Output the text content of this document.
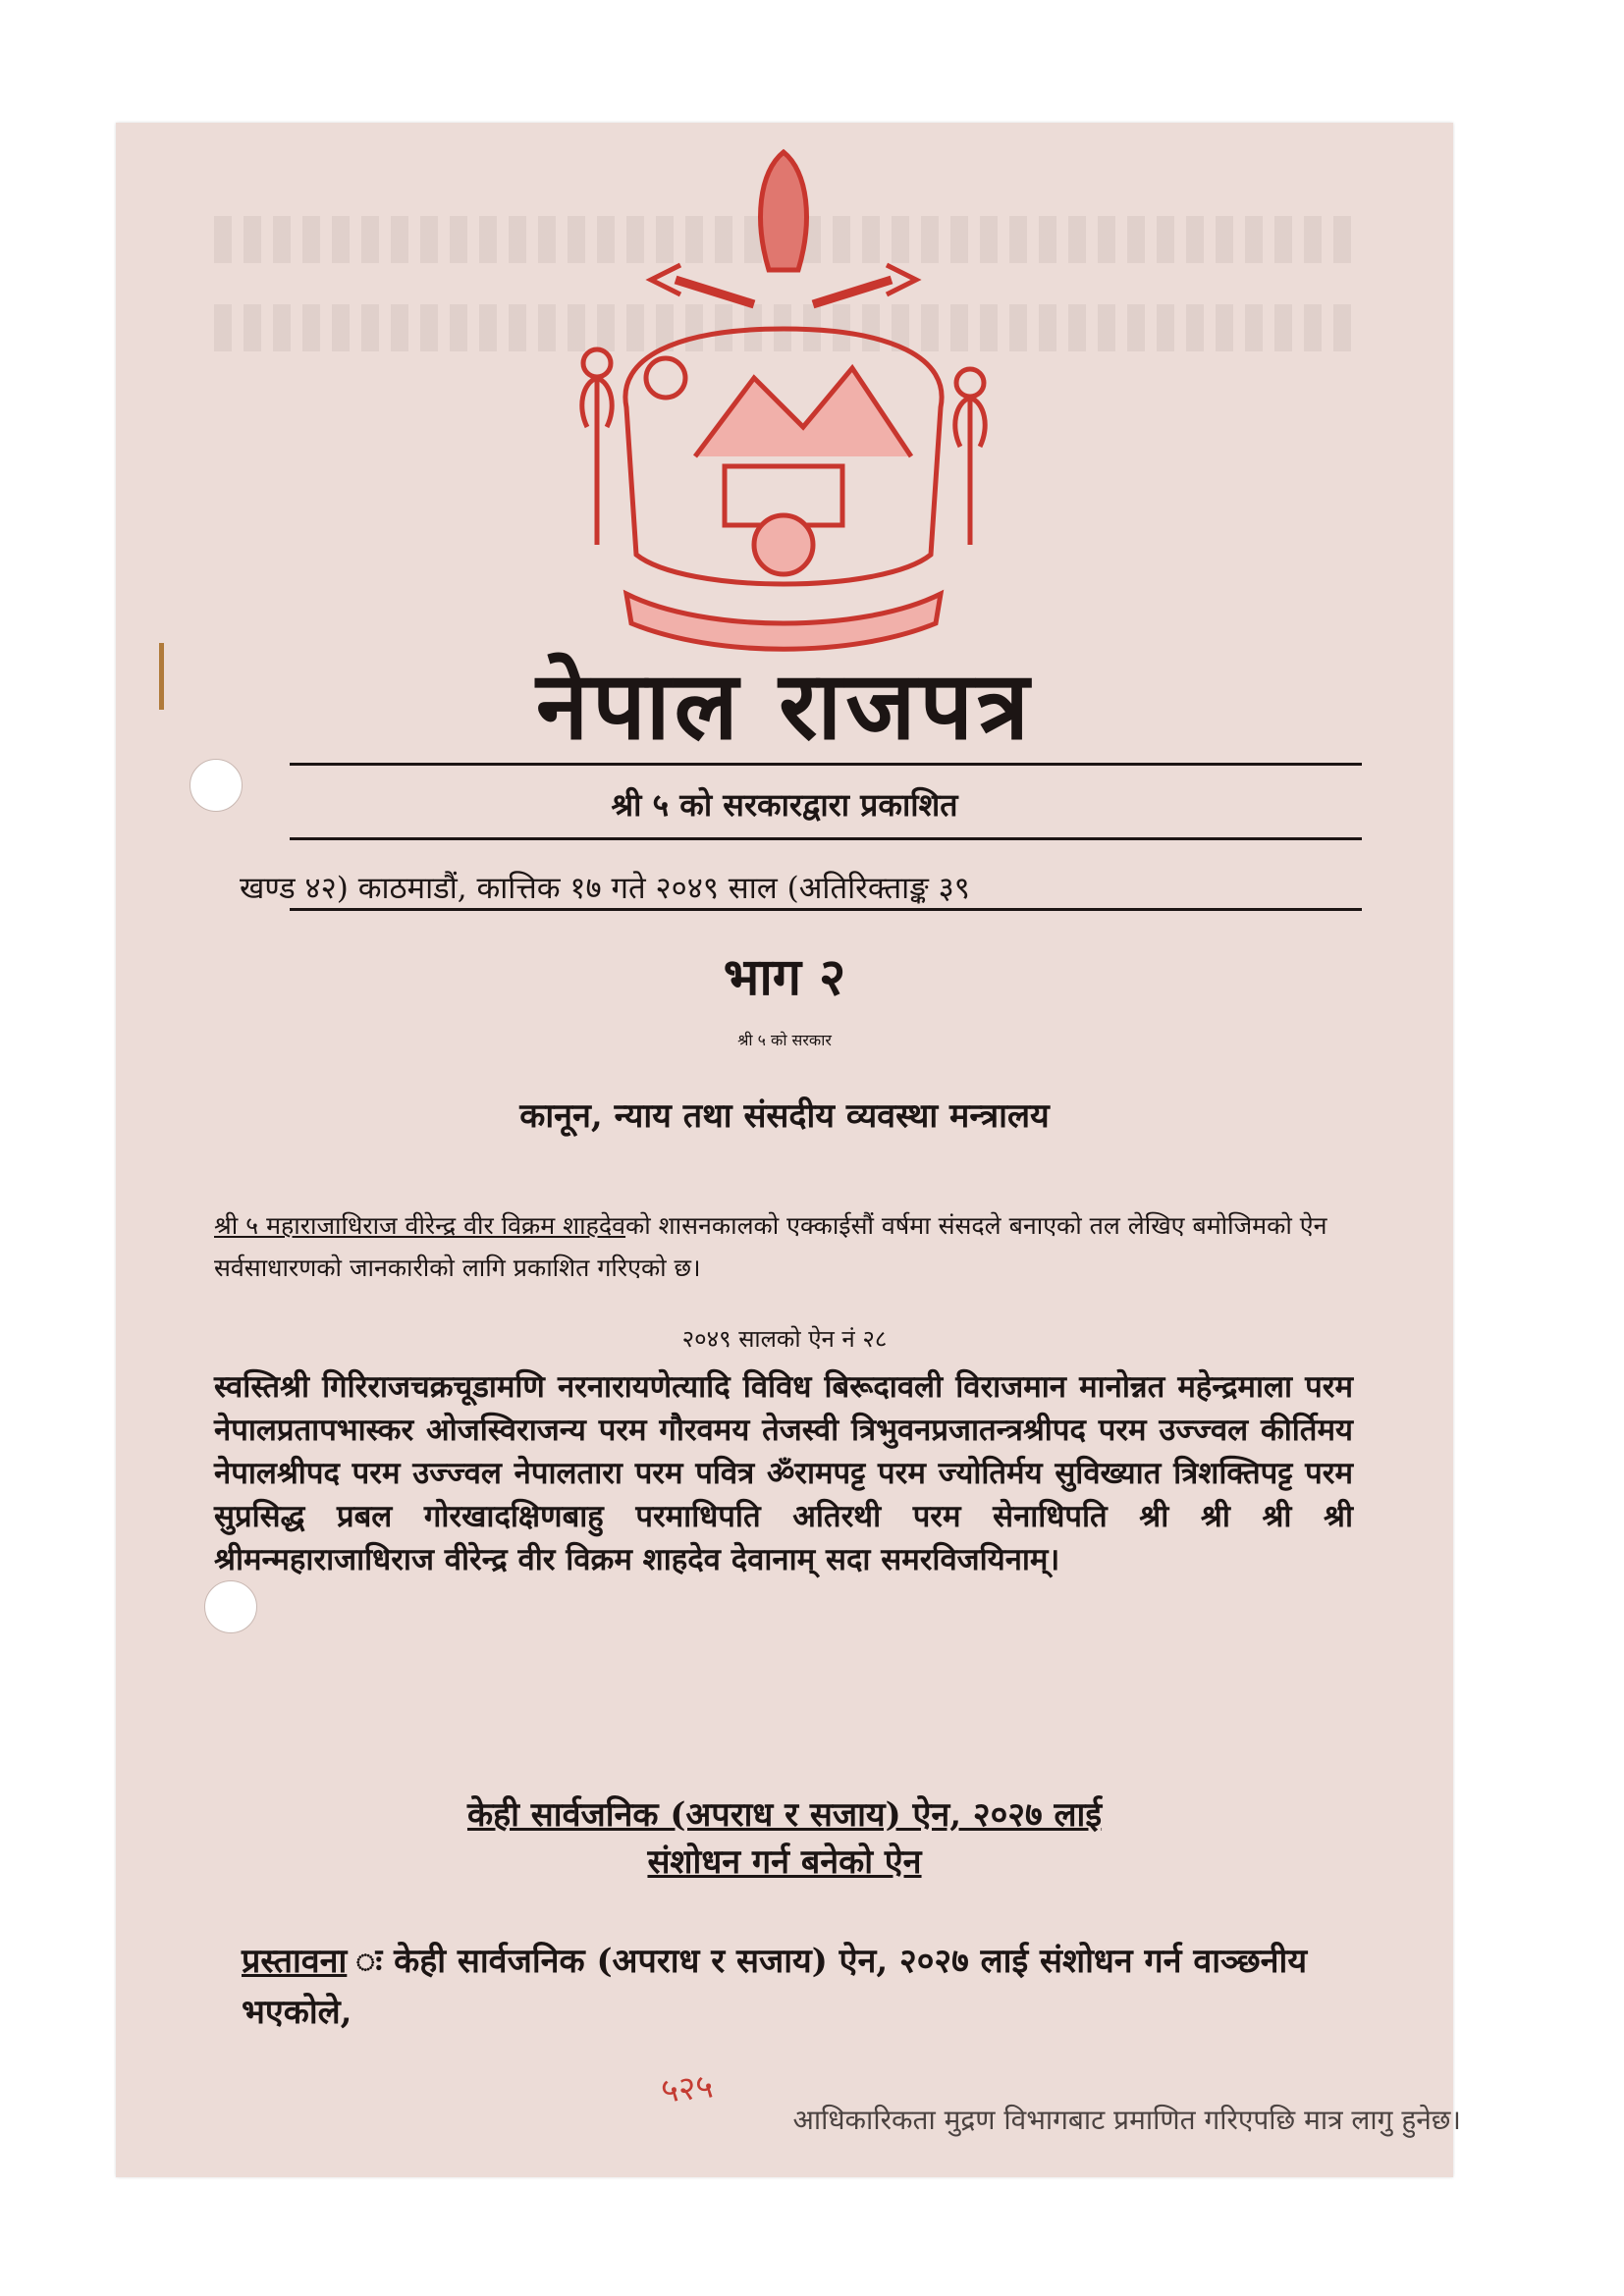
नेपाल राजपत्र
श्री ५ को सरकारद्वारा प्रकाशित
खण्ड ४२) काठमाडौं, कात्तिक १७ गते २०४९ साल (अतिरिक्ताङ्क ३९
भाग २
श्री ५ को सरकार
कानून, न्याय तथा संसदीय व्यवस्था मन्त्रालय
श्री ५ महाराजाधिराज वीरेन्द्र वीर विक्रम शाहदेवको शासनकालको एक्काईसौं वर्षमा संसदले बनाएको तल लेखिए बमोजिमको ऐन सर्वसाधारणको जानकारीको लागि प्रकाशित गरिएको छ।
२०४९ सालको ऐन नं २८
स्वस्तिश्री गिरिराजचक्रचूडामणि नरनारायणेत्यादि विविध बिरूदावली विराजमान मानोन्नत महेन्द्रमाला परम नेपालप्रतापभास्कर ओजस्विराजन्य परम गौरवमय तेजस्वी त्रिभुवनप्रजातन्त्रश्रीपद परम उज्ज्वल कीर्तिमय नेपालश्रीपद परम उज्ज्वल नेपालतारा परम पवित्र ॐरामपट्ट परम ज्योतिर्मय सुविख्यात त्रिशक्तिपट्ट परम सुप्रसिद्ध प्रबल गोरखादक्षिणबाहु परमाधिपति अतिरथी परम सेनाधिपति श्री श्री श्री श्री श्रीमन्महाराजाधिराज वीरेन्द्र वीर विक्रम शाहदेव देवानाम् सदा समरविजयिनाम्।
केही सार्वजनिक (अपराध र सजाय) ऐन, २०२७ लाई
संशोधन गर्न बनेको ऐन
प्रस्तावना ः केही सार्वजनिक (अपराध र सजाय) ऐन, २०२७ लाई संशोधन गर्न वाञ्छनीय भएकोले,
५२५
आधिकारिकता मुद्रण विभागबाट प्रमाणित गरिएपछि मात्र लागु हुनेछ।
